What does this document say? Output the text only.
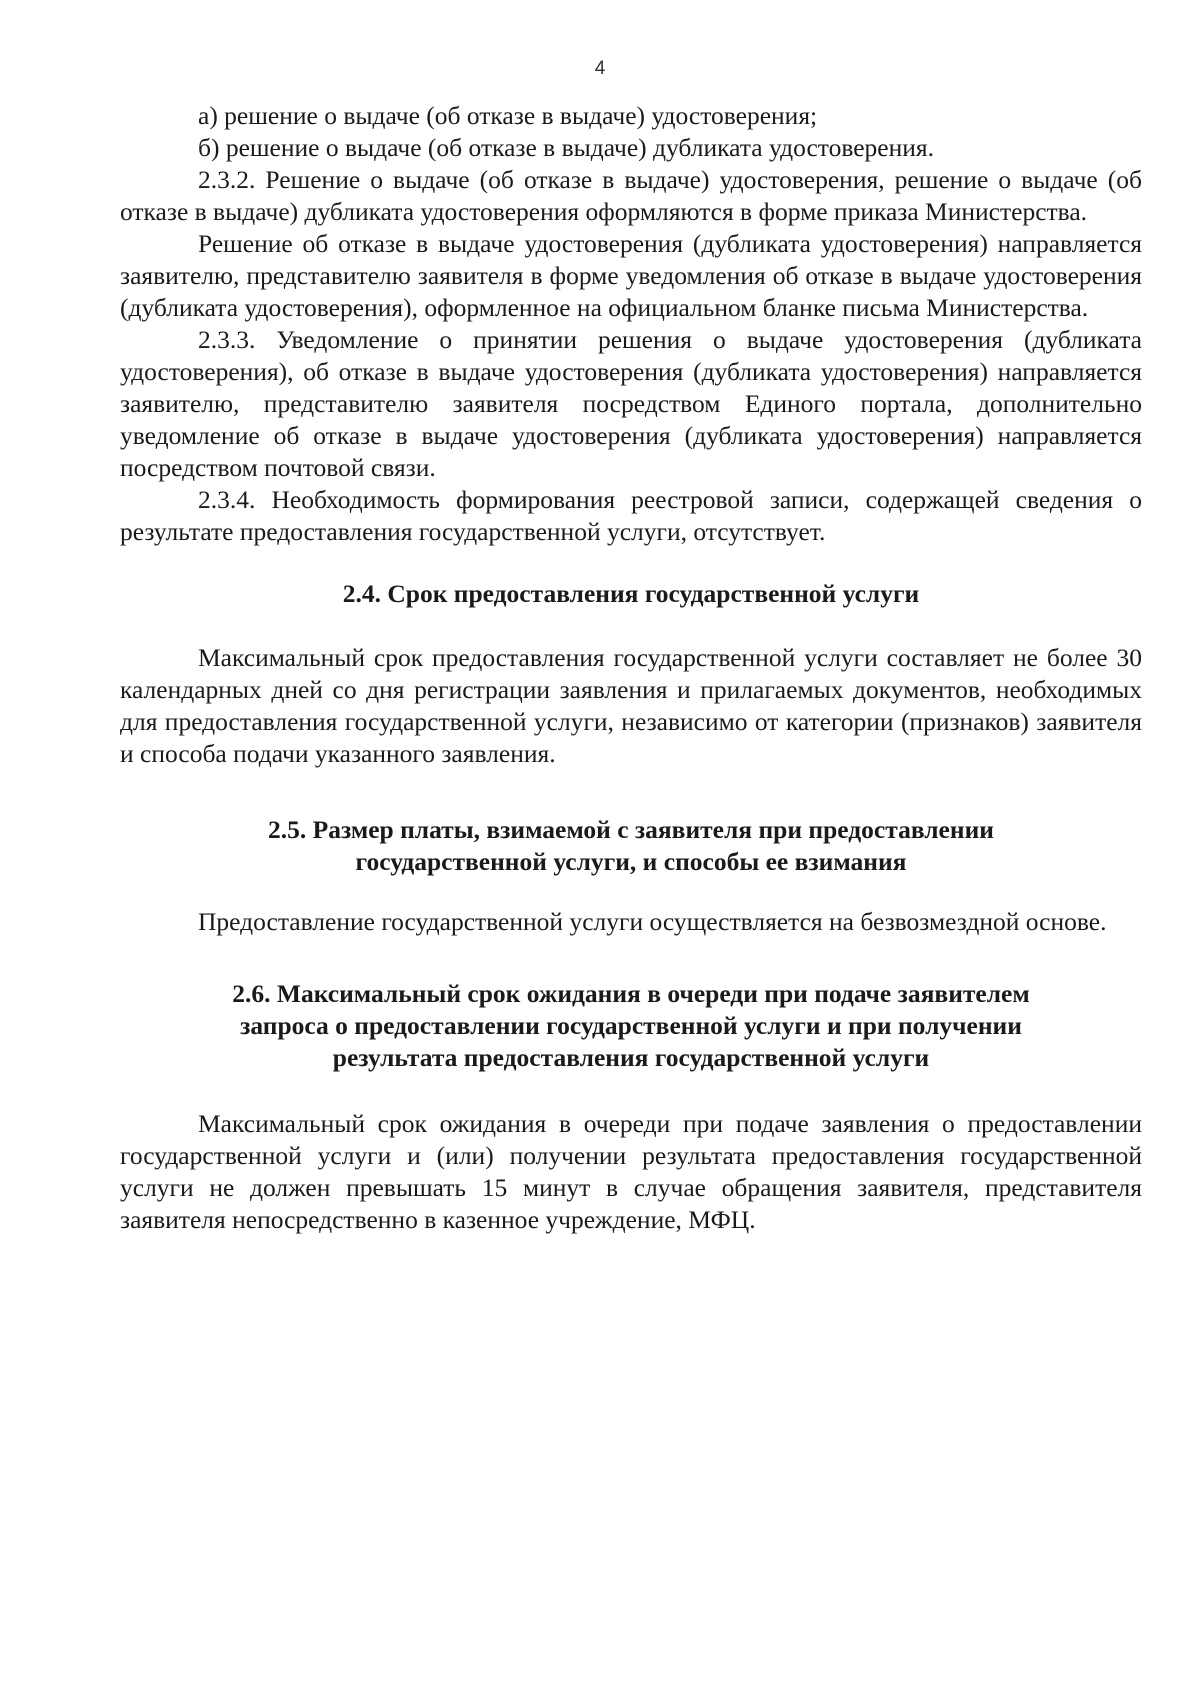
4

а) решение о выдаче (об отказе в выдаче) удостоверения;

б) решение о выдаче (об отказе в выдаче) дубликата удостоверения.

2.3.2. Решение о выдаче (об отказе в выдаче) удостоверения, решение о выдаче (об отказе в выдаче) дубликата удостоверения оформляются в форме приказа Министерства.

Решение об отказе в выдаче удостоверения (дубликата удостоверения) направляется заявителю, представителю заявителя в форме уведомления об отказе в выдаче удостоверения (дубликата удостоверения), оформленное на официальном бланке письма Министерства.

2.3.3. Уведомление о принятии решения о выдаче удостоверения (дубликата удостоверения), об отказе в выдаче удостоверения (дубликата удостоверения) направляется заявителю, представителю заявителя посредством Единого портала, дополнительно уведомление об отказе в выдаче удостоверения (дубликата удостоверения) направляется посредством почтовой связи.

2.3.4. Необходимость формирования реестровой записи, содержащей сведения о результате предоставления государственной услуги, отсутствует.

2.4. Срок предоставления государственной услуги

Максимальный срок предоставления государственной услуги составляет не более 30 календарных дней со дня регистрации заявления и прилагаемых документов, необходимых для предоставления государственной услуги, независимо от категории (признаков) заявителя и способа подачи указанного заявления.

2.5. Размер платы, взимаемой с заявителя при предоставлении
государственной услуги, и способы ее взимания

Предоставление государственной услуги осуществляется на безвозмездной основе.

2.6. Максимальный срок ожидания в очереди при подаче заявителем
запроса о предоставлении государственной услуги и при получении
результата предоставления государственной услуги

Максимальный срок ожидания в очереди при подаче заявления о предоставлении государственной услуги и (или) получении результата предоставления государственной услуги не должен превышать 15 минут в случае обращения заявителя, представителя заявителя непосредственно в казенное учреждение, МФЦ.
